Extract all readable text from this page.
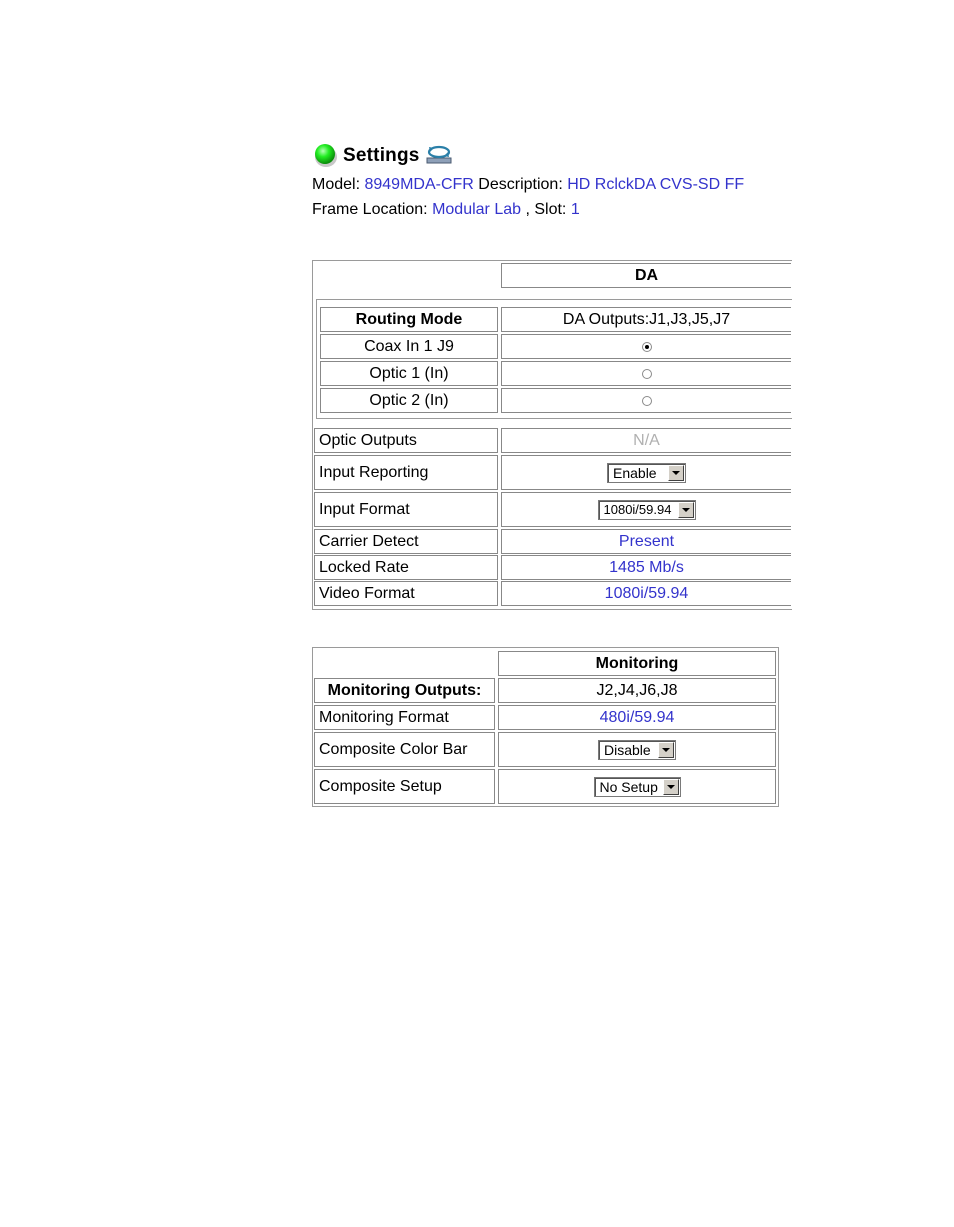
Settings
Model: 8949MDA-CFR Description: HD RclckDA CVS-SD FF
Frame Location: Modular Lab , Slot: 1
DA
Routing Mode	DA Outputs:J1,J3,J5,J7
Coax In 1 J9
Optic 1 (In)
Optic 2 (In)
Optic Outputs	N/A
Input Reporting	Enable
Input Format	1080i/59.94
Carrier Detect	Present
Locked Rate	1485 Mb/s
Video Format	1080i/59.94
Monitoring
Monitoring Outputs:	J2,J4,J6,J8
Monitoring Format	480i/59.94
Composite Color Bar	Disable
Composite Setup	No Setup
